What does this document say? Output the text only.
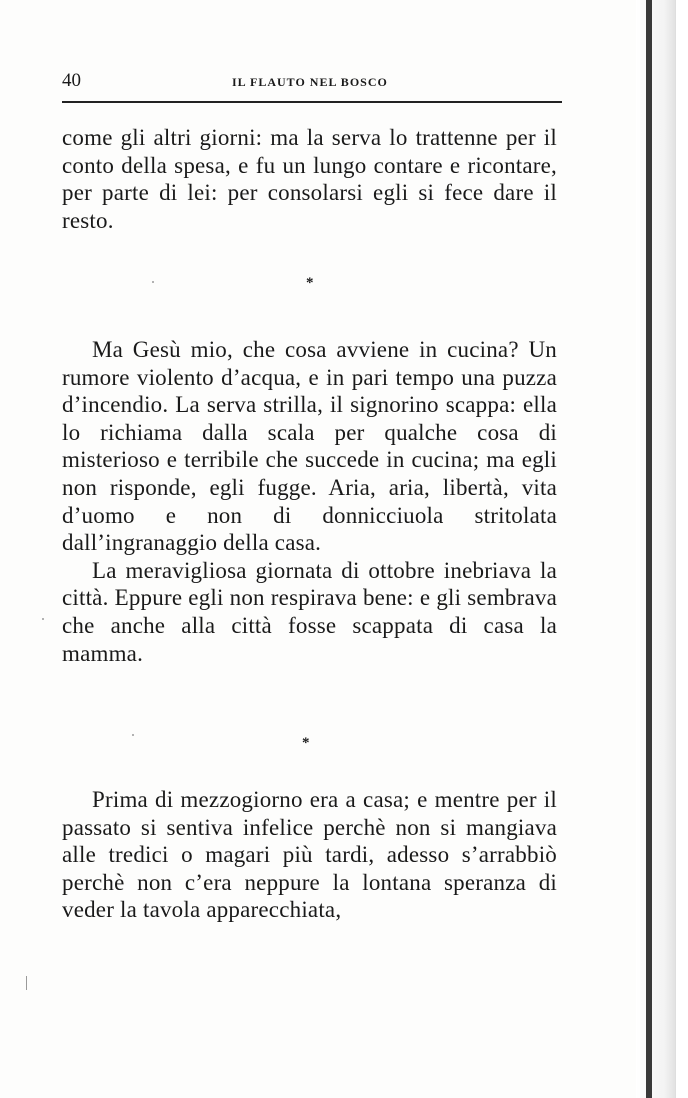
40	IL FLAUTO NEL BOSCO

come gli altri giorni: ma la serva lo trattenne per il conto della spesa, e fu un lungo contare e ricontare, per parte di lei: per consolarsi egli si fece dare il resto.

*

Ma Gesù mio, che cosa avviene in cucina? Un rumore violento d’acqua, e in pari tempo una puzza d’incendio. La serva strilla, il signorino scappa: ella lo richiama dalla scala per qualche cosa di misterioso e terribile che succede in cucina; ma egli non risponde, egli fugge. Aria, aria, libertà, vita d’uomo e non di donnicciuola stritolata dall’ingranaggio della casa.

La meravigliosa giornata di ottobre inebriava la città. Eppure egli non respirava bene: e gli sembrava che anche alla città fosse scappata di casa la mamma.

*

Prima di mezzogiorno era a casa; e mentre per il passato si sentiva infelice perchè non si mangiava alle tredici o magari più tardi, adesso s’arrabbiò perchè non c’era neppure la lontana speranza di veder la tavola apparecchiata,
